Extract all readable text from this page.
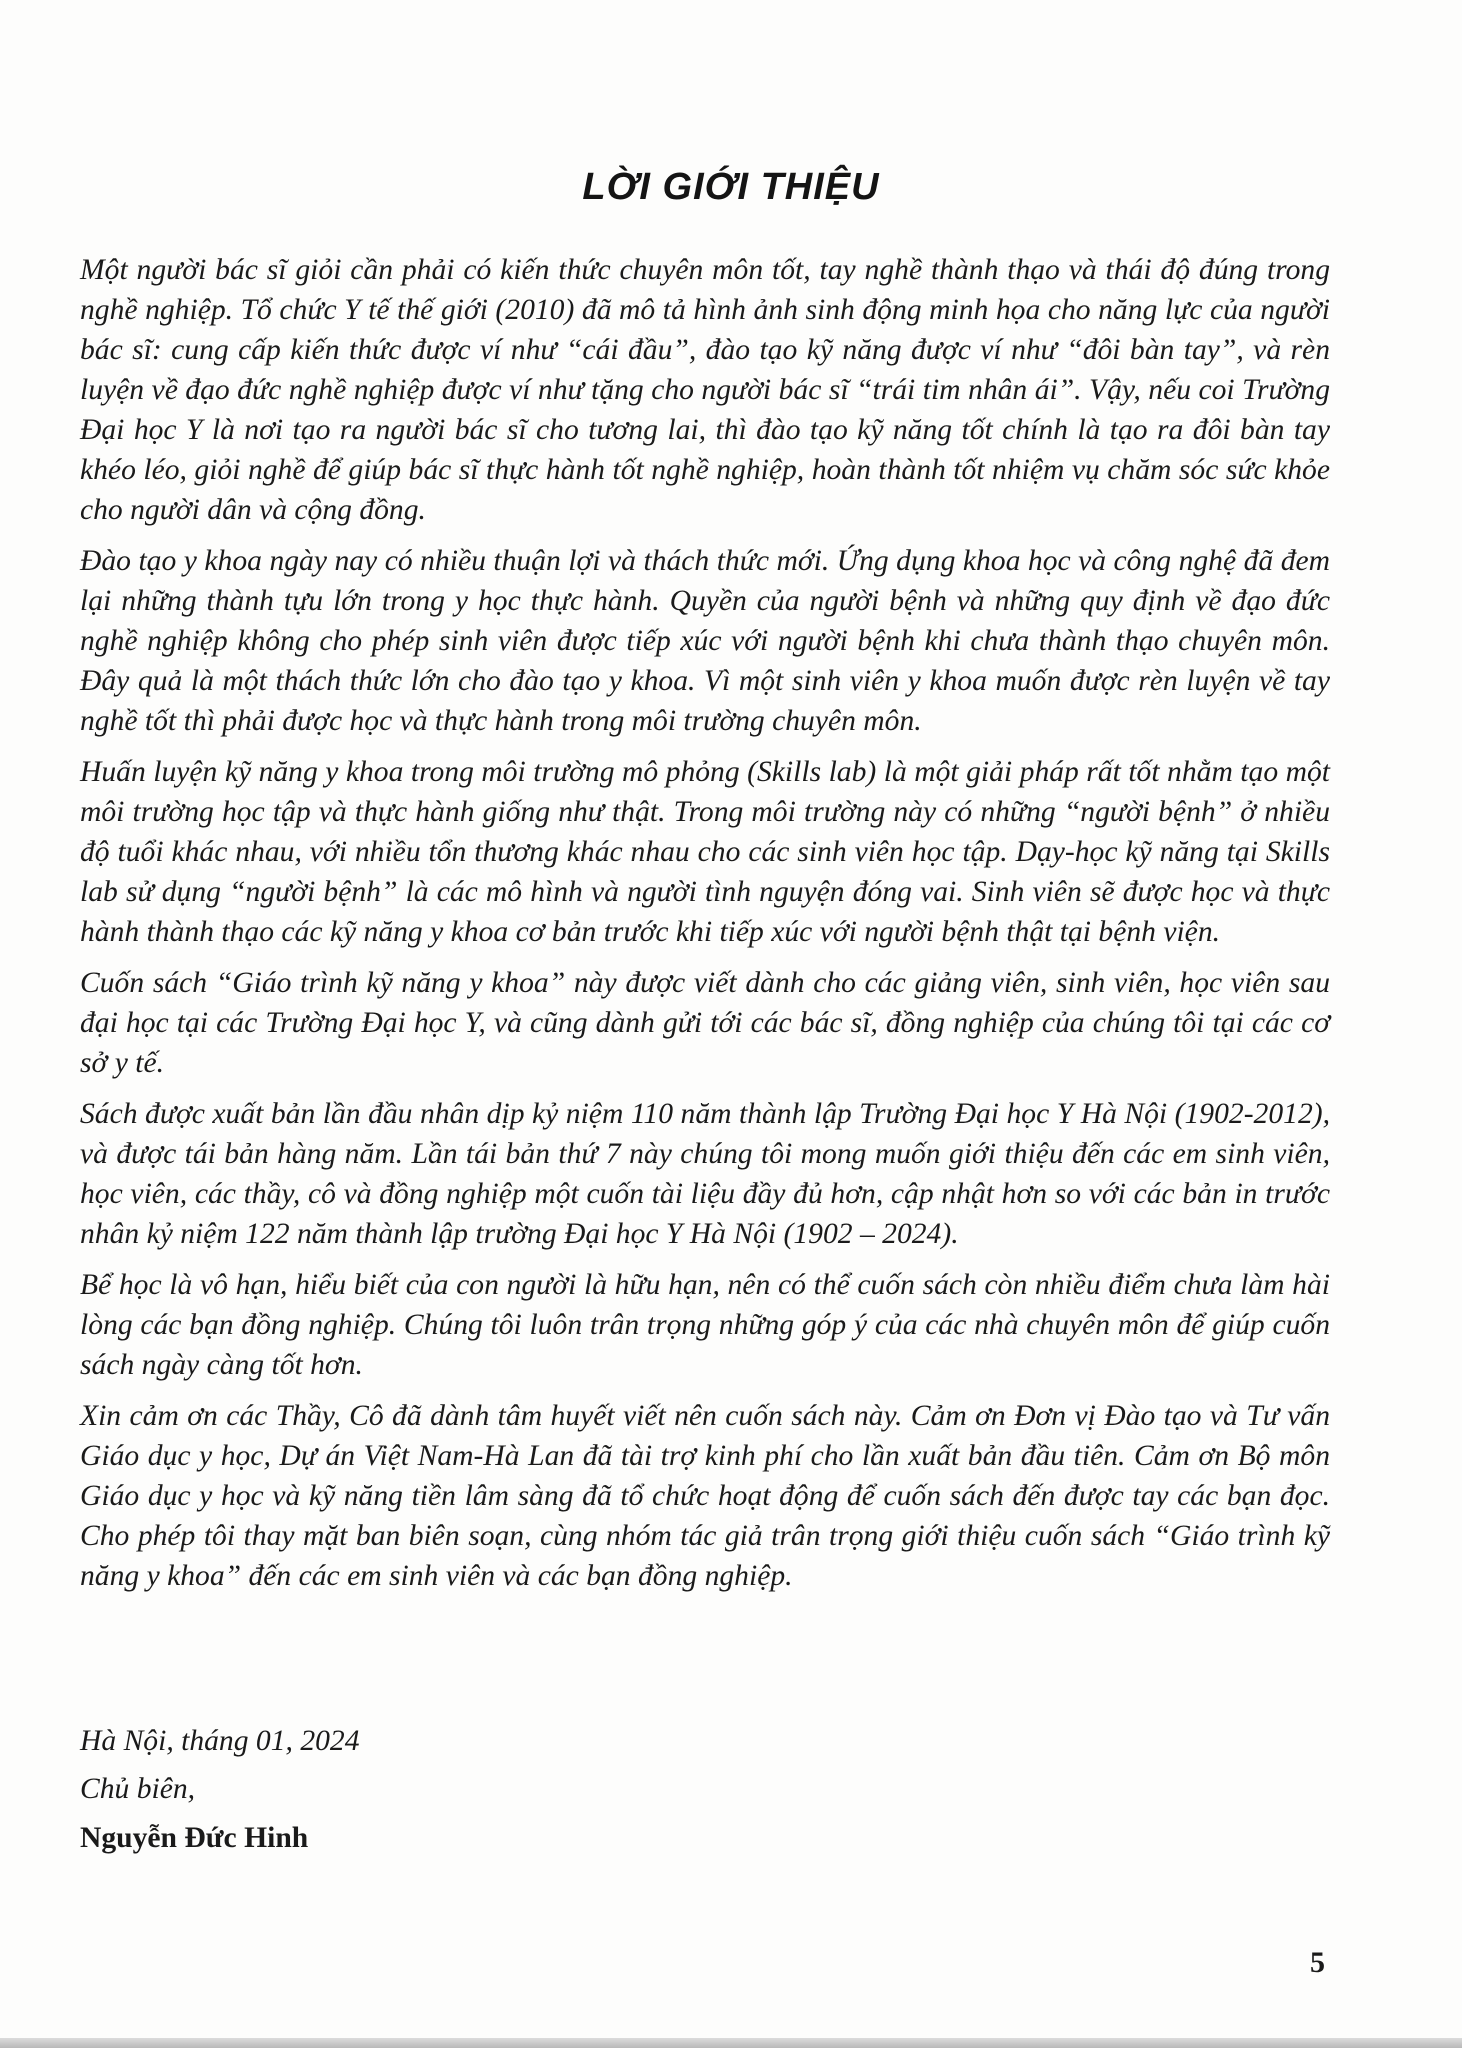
LỜI GIỚI THIỆU

Một người bác sĩ giỏi cần phải có kiến thức chuyên môn tốt, tay nghề thành thạo và thái độ đúng trong nghề nghiệp. Tổ chức Y tế thế giới (2010) đã mô tả hình ảnh sinh động minh họa cho năng lực của người bác sĩ: cung cấp kiến thức được ví như “cái đầu”, đào tạo kỹ năng được ví như “đôi bàn tay”, và rèn luyện về đạo đức nghề nghiệp được ví như tặng cho người bác sĩ “trái tim nhân ái”. Vậy, nếu coi Trường Đại học Y là nơi tạo ra người bác sĩ cho tương lai, thì đào tạo kỹ năng tốt chính là tạo ra đôi bàn tay khéo léo, giỏi nghề để giúp bác sĩ thực hành tốt nghề nghiệp, hoàn thành tốt nhiệm vụ chăm sóc sức khỏe cho người dân và cộng đồng.

Đào tạo y khoa ngày nay có nhiều thuận lợi và thách thức mới. Ứng dụng khoa học và công nghệ đã đem lại những thành tựu lớn trong y học thực hành. Quyền của người bệnh và những quy định về đạo đức nghề nghiệp không cho phép sinh viên được tiếp xúc với người bệnh khi chưa thành thạo chuyên môn. Đây quả là một thách thức lớn cho đào tạo y khoa. Vì một sinh viên y khoa muốn được rèn luyện về tay nghề tốt thì phải được học và thực hành trong môi trường chuyên môn.

Huấn luyện kỹ năng y khoa trong môi trường mô phỏng (Skills lab) là một giải pháp rất tốt nhằm tạo một môi trường học tập và thực hành giống như thật. Trong môi trường này có những “người bệnh” ở nhiều độ tuổi khác nhau, với nhiều tổn thương khác nhau cho các sinh viên học tập. Dạy-học kỹ năng tại Skills lab sử dụng “người bệnh” là các mô hình và người tình nguyện đóng vai. Sinh viên sẽ được học và thực hành thành thạo các kỹ năng y khoa cơ bản trước khi tiếp xúc với người bệnh thật tại bệnh viện.

Cuốn sách “Giáo trình kỹ năng y khoa” này được viết dành cho các giảng viên, sinh viên, học viên sau đại học tại các Trường Đại học Y, và cũng dành gửi tới các bác sĩ, đồng nghiệp của chúng tôi tại các cơ sở y tế.

Sách được xuất bản lần đầu nhân dịp kỷ niệm 110 năm thành lập Trường Đại học Y Hà Nội (1902-2012), và được tái bản hàng năm. Lần tái bản thứ 7 này chúng tôi mong muốn giới thiệu đến các em sinh viên, học viên, các thầy, cô và đồng nghiệp một cuốn tài liệu đầy đủ hơn, cập nhật hơn so với các bản in trước nhân kỷ niệm 122 năm thành lập trường Đại học Y Hà Nội (1902 – 2024).

Bể học là vô hạn, hiểu biết của con người là hữu hạn, nên có thể cuốn sách còn nhiều điểm chưa làm hài lòng các bạn đồng nghiệp. Chúng tôi luôn trân trọng những góp ý của các nhà chuyên môn để giúp cuốn sách ngày càng tốt hơn.

Xin cảm ơn các Thầy, Cô đã dành tâm huyết viết nên cuốn sách này. Cảm ơn Đơn vị Đào tạo và Tư vấn Giáo dục y học, Dự án Việt Nam-Hà Lan đã tài trợ kinh phí cho lần xuất bản đầu tiên. Cảm ơn Bộ môn Giáo dục y học và kỹ năng tiền lâm sàng đã tổ chức hoạt động để cuốn sách đến được tay các bạn đọc. Cho phép tôi thay mặt ban biên soạn, cùng nhóm tác giả trân trọng giới thiệu cuốn sách “Giáo trình kỹ năng y khoa” đến các em sinh viên và các bạn đồng nghiệp.

Hà Nội, tháng 01, 2024

Chủ biên,

Nguyễn Đức Hinh

5
